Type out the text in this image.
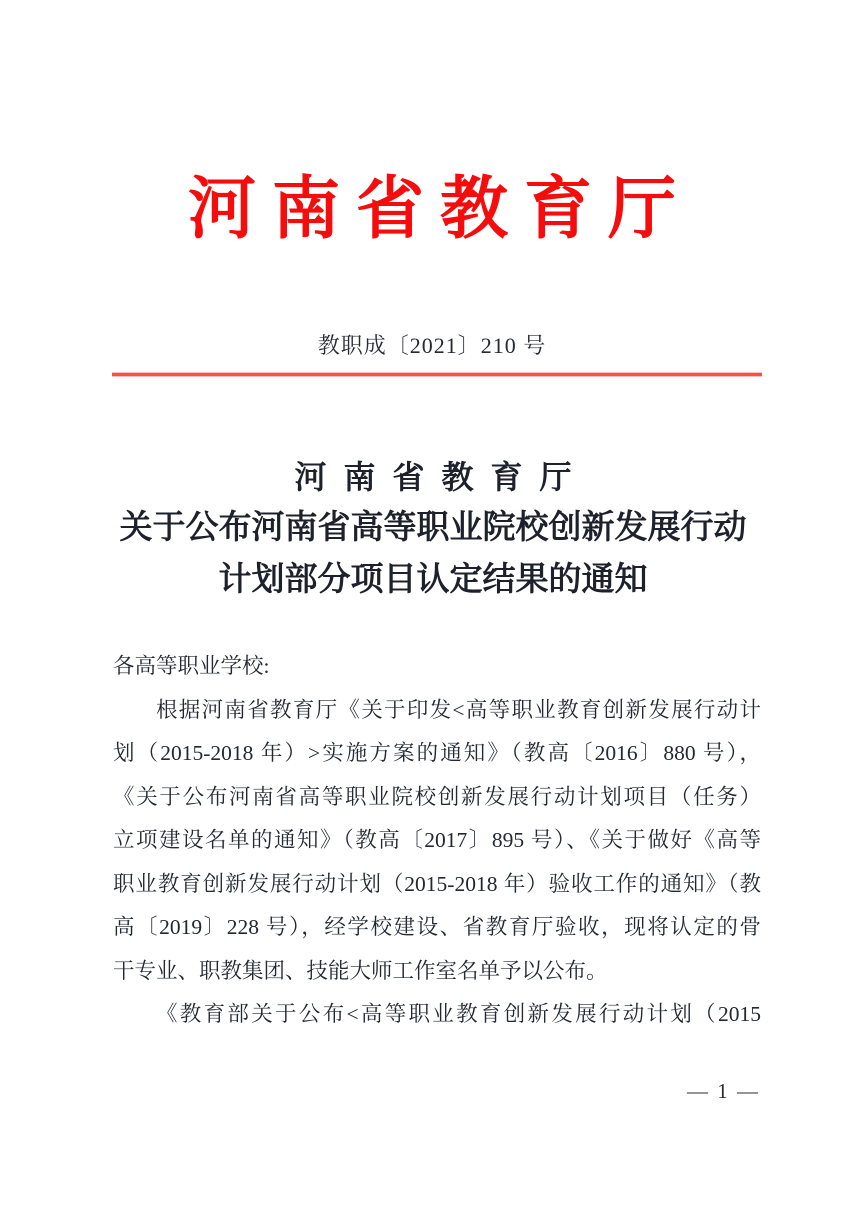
河南省教育厅
教职成〔2021〕210 号
河南省教育厅
关于公布河南省高等职业院校创新发展行动
计划部分项目认定结果的通知

各高等职业学校:

根据河南省教育厅《关于印发<高等职业教育创新发展行动计

划（2015-2018 年）>实施方案的通知》（教高〔2016〕880 号），

《关于公布河南省高等职业院校创新发展行动计划项目（任务）

立项建设名单的通知》（教高〔2017〕895 号）、《关于做好《高等

职业教育创新发展行动计划（2015-2018 年）验收工作的通知》（教

高〔2019〕228 号），经学校建设、省教育厅验收，现将认定的骨

干专业、职教集团、技能大师工作室名单予以公布。

《教育部关于公布<高等职业教育创新发展行动计划（2015

— 1 —
